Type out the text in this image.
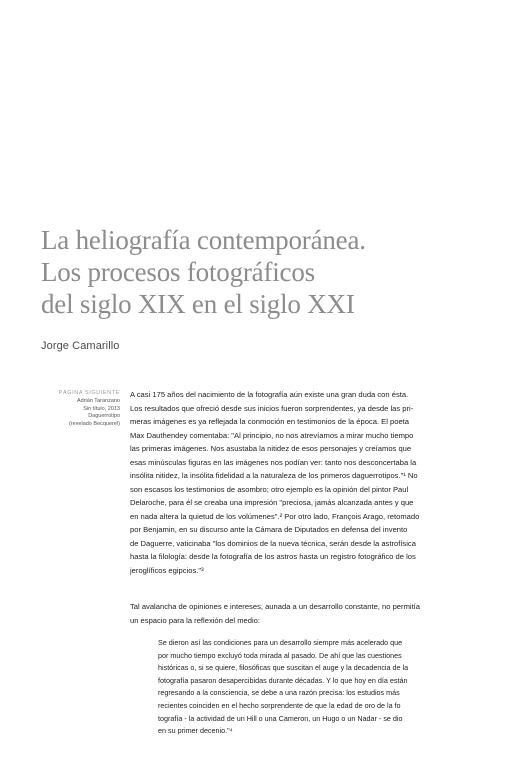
La heliografía contemporánea.
Los procesos fotográficos
del siglo XIX en el siglo XXI
Jorge Camarillo
PÁGINA SIGUIENTE
Adrián Taranzano
Sin título, 2013
Daguerrotipo
(revelado Becquerel)
A casi 175 años del nacimiento de la fotografía aún existe una gran duda con ésta.
Los resultados que ofreció desde sus inicios fueron sorprendentes, ya desde las pri-
meras imágenes es ya reflejada la conmoción en testimonios de la época. El poeta
Max Dauthendey comentaba: "Al principio, no nos atrevíamos a mirar mucho tiempo
las primeras imágenes. Nos asustaba la nitidez de esos personajes y creíamos que
esas minúsculas figuras en las imágenes nos podían ver: tanto nos desconcertaba la
insólita nitidez, la insólita fidelidad a la naturaleza de los primeros daguerrotipos."¹ No
son escasos los testimonios de asombro; otro ejemplo es la opinión del pintor Paul
Delaroche, para él se creaba una impresión "preciosa, jamás alcanzada antes y que
en nada altera la quietud de los volúmenes".² Por otro lado, François Arago, retomado
por Benjamin, en su discurso ante la Cámara de Diputados en defensa del invento
de Daguerre, vaticinaba "los dominios de la nueva técnica, serán desde la astrofísica
hasta la filología: desde la fotografía de los astros hasta un registro fotográfico de los
jeroglíficos egipcios."³
Tal avalancha de opiniones e intereses, aunada a un desarrollo constante, no permitía
un espacio para la reflexión del medio:
Se dieron así las condiciones para un desarrollo siempre más acelerado que
por mucho tiempo excluyó toda mirada al pasado. De ahí que las cuestiones
históricas o, si se quiere, filosóficas que suscitan el auge y la decadencia de la
fotografía pasaron desapercibidas durante décadas. Y lo que hoy en día están
regresando a la consciencia, se debe a una razón precisa: los estudios más
recientes coinciden en el hecho sorprendente de que la edad de oro de la fo
tografía - la actividad de un Hill o una Cameron, un Hugo o un Nadar - se dio
en su primer decenio."⁴
